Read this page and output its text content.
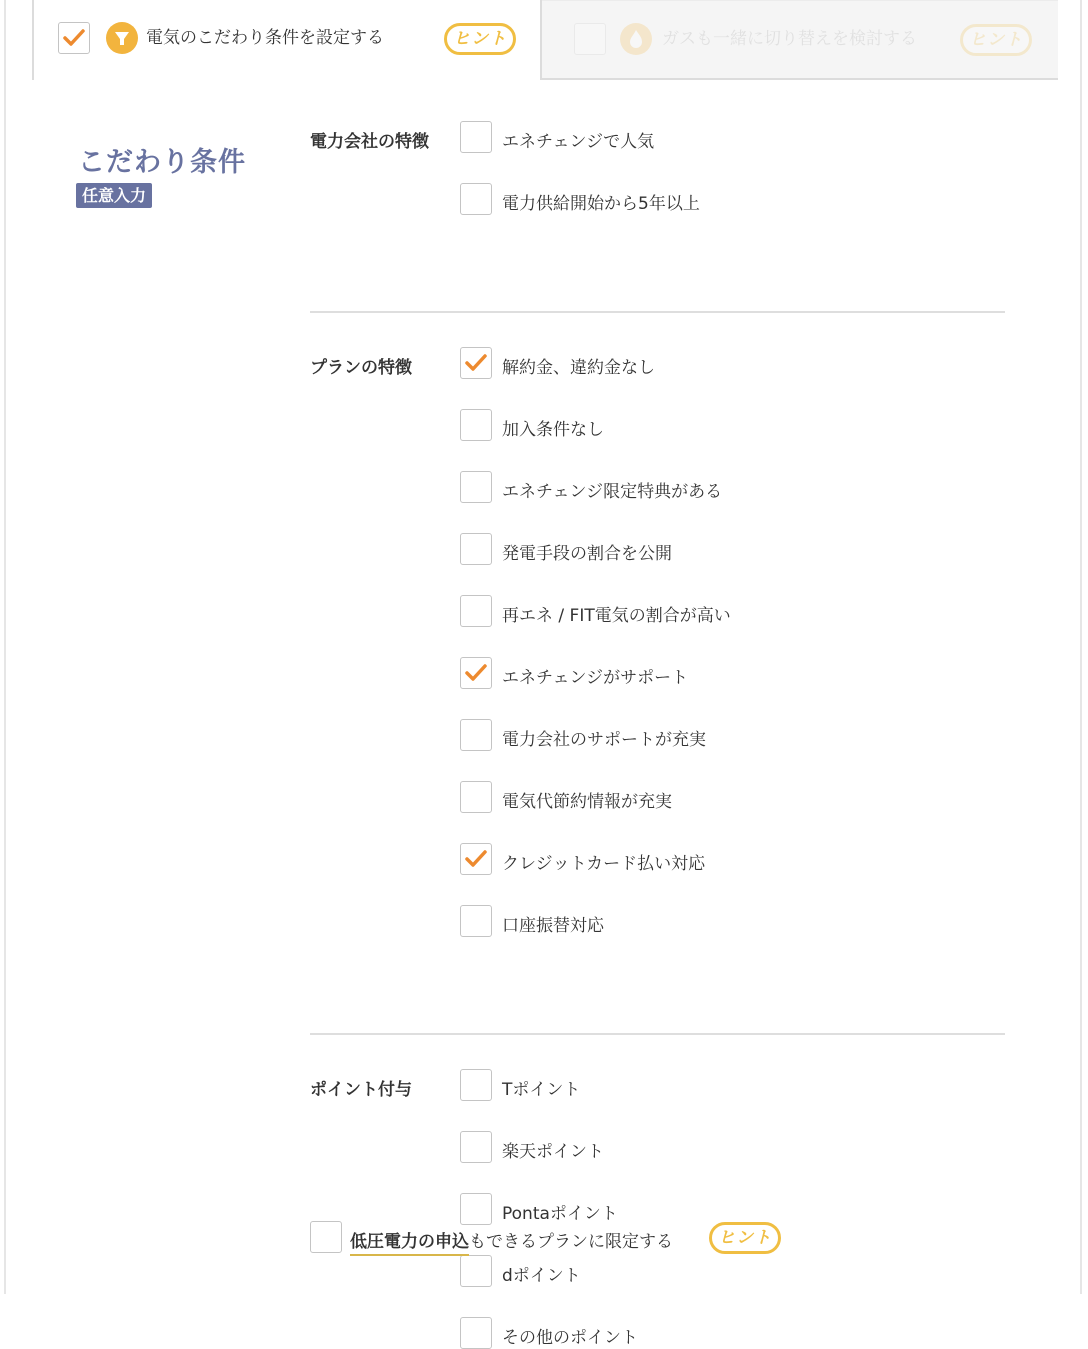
電気のこだわり条件を設定する	ヒント	ガスも一緒に切り替えを検討する	ヒント
こだわり条件
任意入力
電力会社の特徴	エネチェンジで人気
電力供給開始から5年以上
プランの特徴	解約金、違約金なし
加入条件なし
エネチェンジ限定特典がある
発電手段の割合を公開
再エネ / FIT電気の割合が高い
エネチェンジがサポート
電力会社のサポートが充実
電気代節約情報が充実
クレジットカード払い対応
口座振替対応
ポイント付与	Tポイント
楽天ポイント
Pontaポイント
dポイント
その他のポイント
低圧電力の申込もできるプランに限定する	ヒント
